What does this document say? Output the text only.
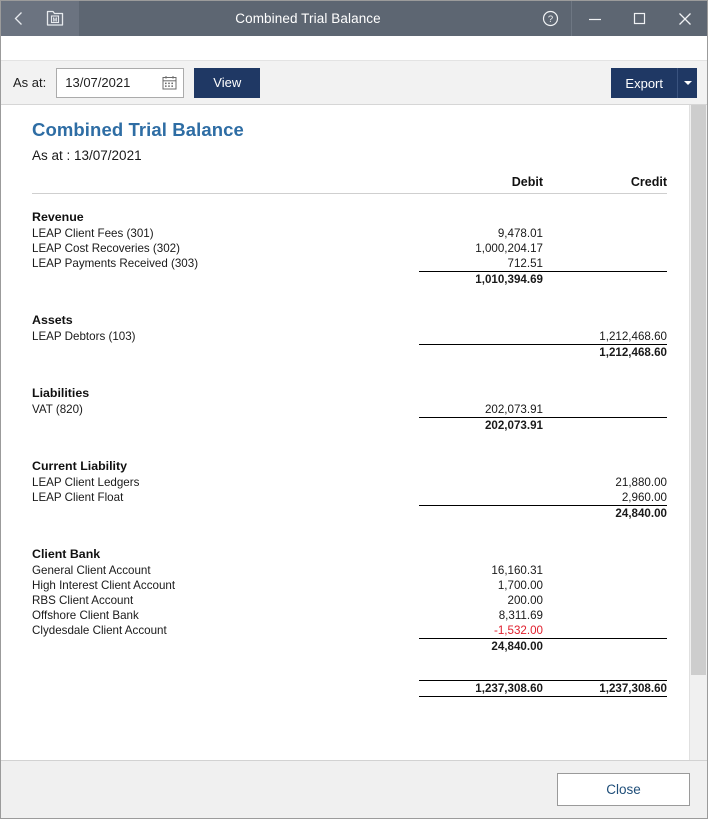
M	Combined Trial Balance	?
As at: 13/07/2021	View	Export
Combined Trial Balance
As at : 13/07/2021
	Debit	Credit

Revenue		
LEAP Client Fees (301)	9,478.01	
LEAP Cost Recoveries (302)	1,000,204.17	
LEAP Payments Received (303)	712.51	
	1,010,394.69	

Assets		
LEAP Debtors (103)		1,212,468.60
		1,212,468.60

Liabilities		
VAT (820)	202,073.91	
	202,073.91	

Current Liability		
LEAP Client Ledgers		21,880.00
LEAP Client Float		2,960.00
		24,840.00

Client Bank		
General Client Account	16,160.31	
High Interest Client Account	1,700.00	
RBS Client Account	200.00	
Offshore Client Bank	8,311.69	
Clydesdale Client Account	-1,532.00	
	24,840.00	

	1,237,308.60	1,237,308.60
Close
